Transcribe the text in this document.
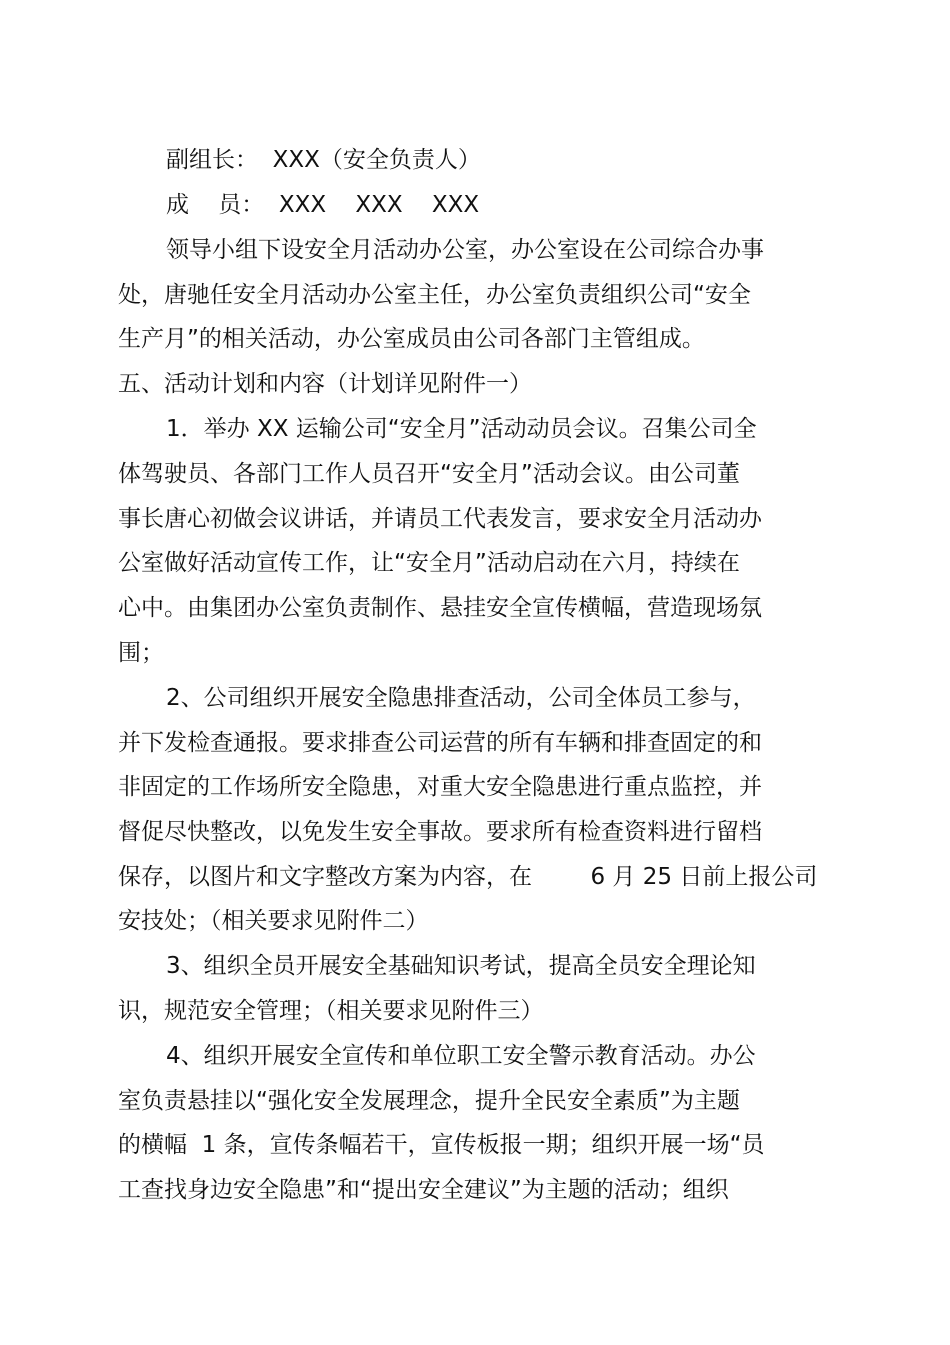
副组长：  XXX（安全负责人）
成    员：  XXX    XXX    XXX
领导小组下设安全月活动办公室，办公室设在公司综合办事
处，唐驰任安全月活动办公室主任，办公室负责组织公司“安全
生产月”的相关活动，办公室成员由公司各部门主管组成。
五、活动计划和内容（计划详见附件一）
1．举办 XX 运输公司“安全月”活动动员会议。召集公司全
体驾驶员、各部门工作人员召开“安全月”活动会议。由公司董
事长唐心初做会议讲话，并请员工代表发言，要求安全月活动办
公室做好活动宣传工作，让“安全月”活动启动在六月，持续在
心中。由集团办公室负责制作、悬挂安全宣传横幅，营造现场氛
围；
2、公司组织开展安全隐患排查活动，公司全体员工参与，
并下发检查通报。要求排查公司运营的所有车辆和排查固定的和
非固定的工作场所安全隐患，对重大安全隐患进行重点监控，并
督促尽快整改，以免发生安全事故。要求所有检查资料进行留档
保存，以图片和文字整改方案为内容，在        6 月 25 日前上报公司
安技处；（相关要求见附件二）
3、组织全员开展安全基础知识考试，提高全员安全理论知
识，规范安全管理；（相关要求见附件三）
4、组织开展安全宣传和单位职工安全警示教育活动。办公
室负责悬挂以“强化安全发展理念，提升全民安全素质”为主题
的横幅  1 条，宣传条幅若干，宣传板报一期；组织开展一场“员
工查找身边安全隐患”和“提出安全建议”为主题的活动；组织
